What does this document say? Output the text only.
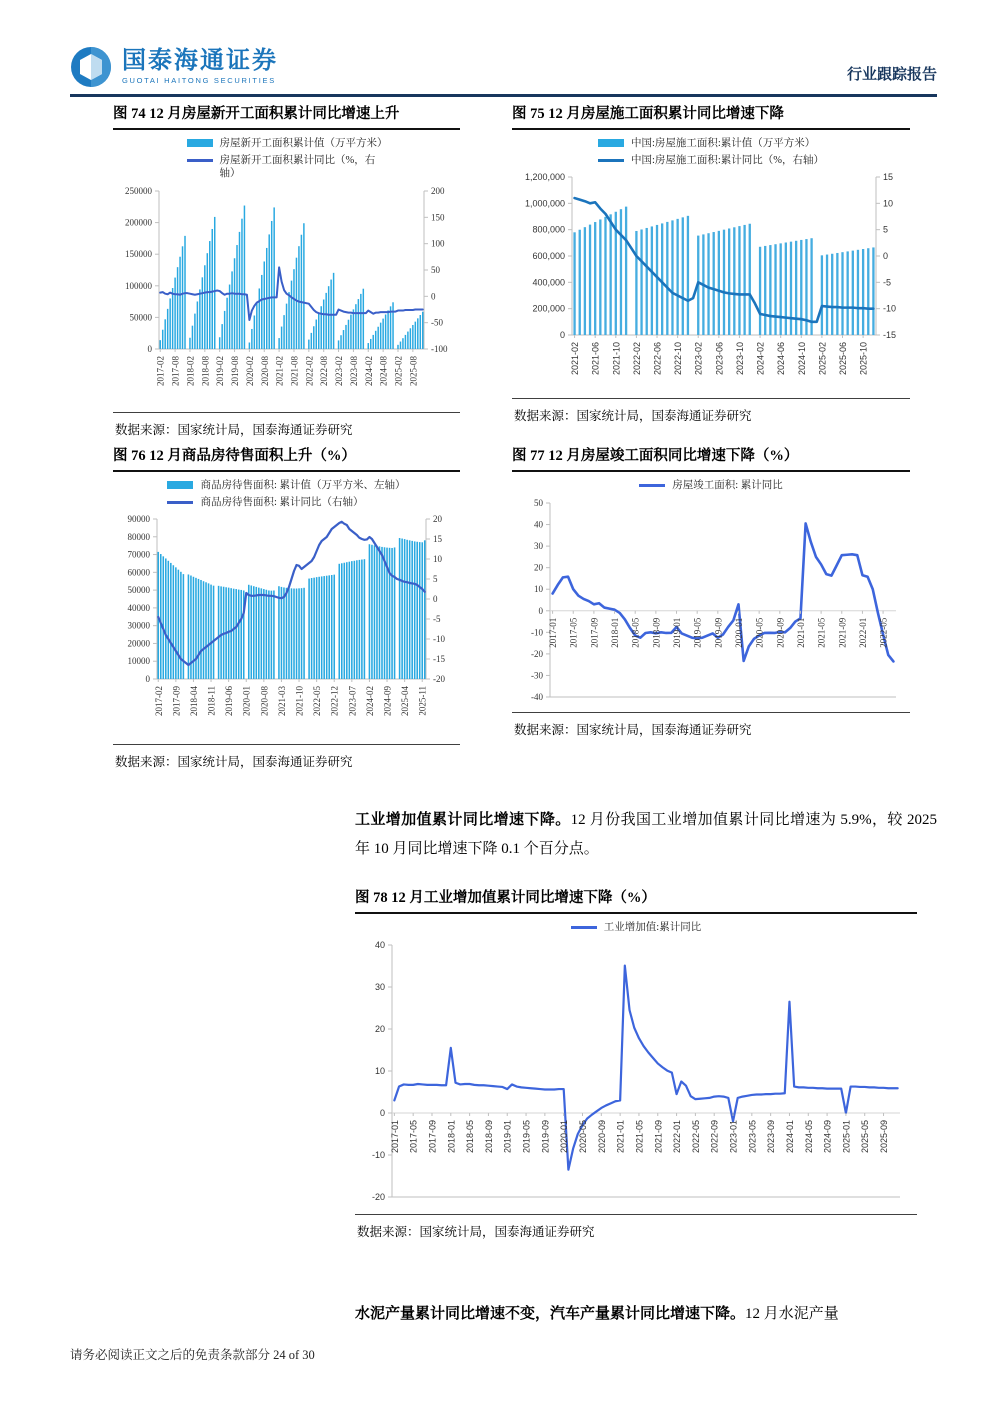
国泰海通证券
GUOTAI HAITONG SECURITIES	行业跟踪报告
图 74 12 月房屋新开工面积累计同比增速上升
房屋新开工面积累计值（万平方米）
房屋新开工面积累计同比（%，右轴）
0
50000
100000
150000
200000
250000
-100
-50
0
50
100
150
200
2017-02 2017-08 2018-02 2018-08 2019-02 2019-08 2020-02 2020-08 2021-02 2021-08 2022-02 2022-08 2023-02 2023-08 2024-02 2024-08 2025-02 2025-08
数据来源：国家统计局，国泰海通证券研究
图 75 12 月房屋施工面积累计同比增速下降
中国:房屋施工面积:累计值（万平方米）
中国:房屋施工面积:累计同比（%，右轴）
0
200,000
400,000
600,000
800,000
1,000,000
1,200,000
-15
-10
-5
0
5
10
15
2021-02 2021-06 2021-10 2022-02 2022-06 2022-10 2023-02 2023-06 2023-10 2024-02 2024-06 2024-10 2025-02 2025-06 2025-10
数据来源：国家统计局，国泰海通证券研究
图 76 12 月商品房待售面积上升（%）
商品房待售面积: 累计值（万平方米、左轴）
商品房待售面积: 累计同比（右轴）
0
10000
20000
30000
40000
50000
60000
70000
80000
90000
-20
-15
-10
-5
0
5
10
15
20
2017-02 2017-09 2018-04 2018-11 2019-06 2020-01 2020-08 2021-03 2021-10 2022-05 2022-12 2023-07 2024-02 2024-09 2025-04 2025-11
数据来源：国家统计局，国泰海通证券研究
图 77 12 月房屋竣工面积同比增速下降（%）
房屋竣工面积: 累计同比
-40
-30
-20
-10
0
10
20
30
40
50
2017-01 2017-05 2017-09 2018-01 2018-05 2018-09 2019-01 2019-05 2019-09 2020-01 2020-05 2020-09 2021-01 2021-05 2021-09 2022-01 2022-05
数据来源：国家统计局，国泰海通证券研究
工业增加值累计同比增速下降。12 月份我国工业增加值累计同比增速为 5.9%，较 2025 年 10 月同比增速下降 0.1 个百分点。
图 78 12 月工业增加值累计同比增速下降（%）
工业增加值:累计同比
-20
-10
0
10
20
30
40
2017-01 2017-05 2017-09 2018-01 2018-05 2018-09 2019-01 2019-05 2019-09 2020-01 2020-05 2020-09 2021-01 2021-05 2021-09 2022-01 2022-05 2022-09 2023-01 2023-05 2023-09 2024-01 2024-05 2024-09 2025-01 2025-05 2025-09
数据来源：国家统计局，国泰海通证券研究
水泥产量累计同比增速不变，汽车产量累计同比增速下降。12 月水泥产量
请务必阅读正文之后的免责条款部分 24 of 30
